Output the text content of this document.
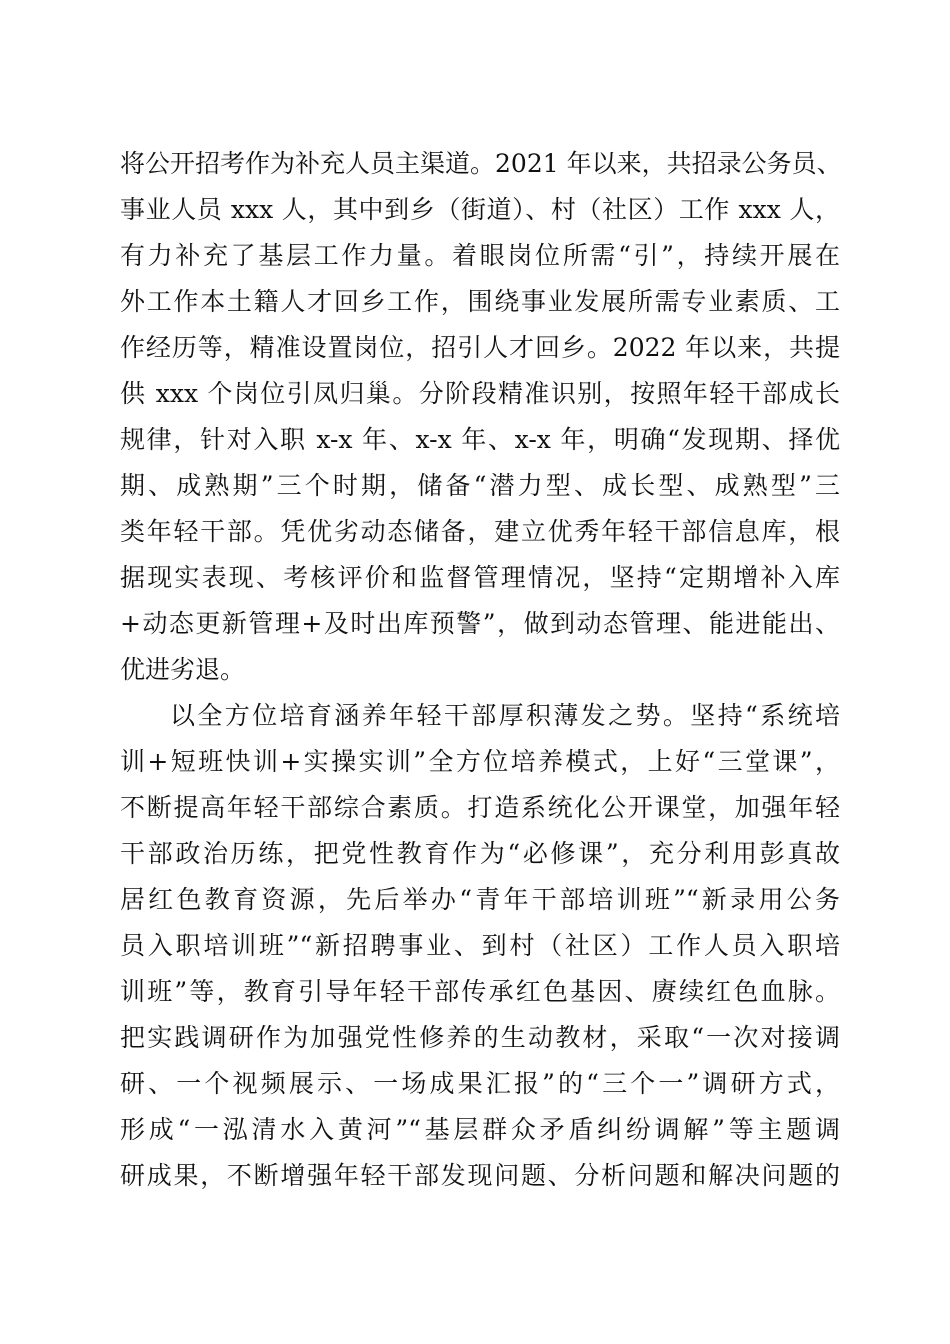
将公开招考作为补充人员主渠道。2021 年以来，共招录公务员、
事业人员 xxx 人，其中到乡（街道）、村（社区）工作 xxx 人，
有力补充了基层工作力量。着眼岗位所需“引”，持续开展在
外工作本土籍人才回乡工作，围绕事业发展所需专业素质、工
作经历等，精准设置岗位，招引人才回乡。2022 年以来，共提
供 xxx 个岗位引凤归巢。分阶段精准识别，按照年轻干部成长
规律，针对入职 x-x 年、x-x 年、x-x 年，明确“发现期、择优
期、成熟期”三个时期，储备“潜力型、成长型、成熟型”三
类年轻干部。凭优劣动态储备，建立优秀年轻干部信息库，根
据现实表现、考核评价和监督管理情况，坚持“定期增补入库
+动态更新管理+及时出库预警”，做到动态管理、能进能出、
优进劣退。
以全方位培育涵养年轻干部厚积薄发之势。坚持“系统培
训+短班快训+实操实训”全方位培养模式，上好“三堂课”，
不断提高年轻干部综合素质。打造系统化公开课堂，加强年轻
干部政治历练，把党性教育作为“必修课”，充分利用彭真故
居红色教育资源，先后举办“青年干部培训班”“新录用公务
员入职培训班”“新招聘事业、到村（社区）工作人员入职培
训班”等，教育引导年轻干部传承红色基因、赓续红色血脉。
把实践调研作为加强党性修养的生动教材，采取“一次对接调
研、一个视频展示、一场成果汇报”的“三个一”调研方式，
形成“一泓清水入黄河”“基层群众矛盾纠纷调解”等主题调
研成果，不断增强年轻干部发现问题、分析问题和解决问题的
